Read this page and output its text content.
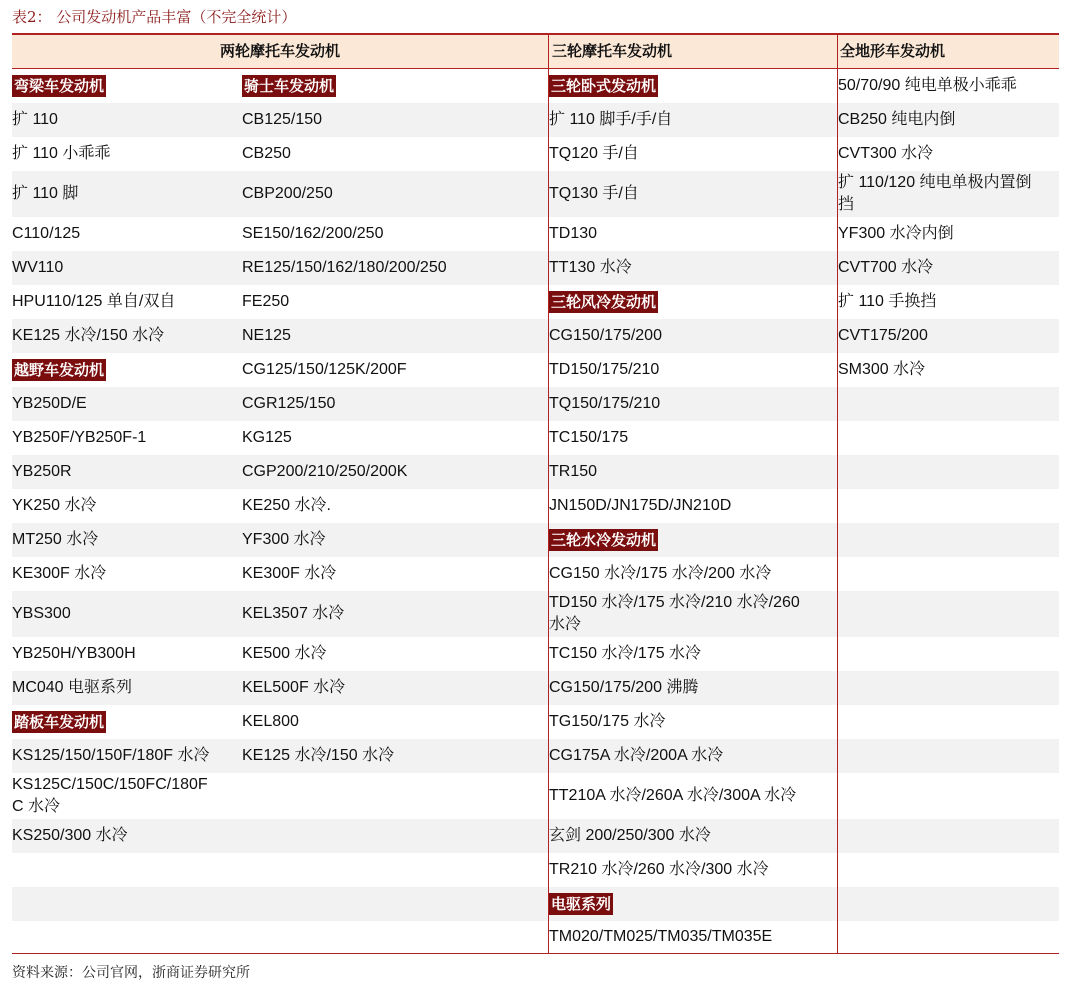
表2： 公司发动机产品丰富（不完全统计）
两轮摩托车发动机	三轮摩托车发动机	全地形车发动机
弯梁车发动机
扩 110
扩 110 小乖乖
扩 110 脚
C110/125
WV110
HPU110/125 单自/双自
KE125 水冷/150 水冷
越野车发动机
YB250D/E
YB250F/YB250F-1
YB250R
YK250 水冷
MT250 水冷
KE300F 水冷
YBS300
YB250H/YB300H
MC040 电驱系列
踏板车发动机
KS125/150/150F/180F 水冷
KS125C/150C/150FC/180F
C 水冷
KS250/300 水冷
骑士车发动机
CB125/150
CB250
CBP200/250
SE150/162/200/250
RE125/150/162/180/200/250
FE250
NE125
CG125/150/125K/200F
CGR125/150
KG125
CGP200/210/250/200K
KE250 水冷.
YF300 水冷
KE300F 水冷
KEL3507 水冷
KE500 水冷
KEL500F 水冷
KEL800
KE125 水冷/150 水冷
三轮卧式发动机
扩 110 脚手/手/自
TQ120 手/自
TQ130 手/自
TD130
TT130 水冷
三轮风冷发动机
CG150/175/200
TD150/175/210
TQ150/175/210
TC150/175
TR150
JN150D/JN175D/JN210D
三轮水冷发动机
CG150 水冷/175 水冷/200 水冷
TD150 水冷/175 水冷/210 水冷/260
水冷
TC150 水冷/175 水冷
CG150/175/200 沸腾
TG150/175 水冷
CG175A 水冷/200A 水冷
TT210A 水冷/260A 水冷/300A 水冷
玄剑 200/250/300 水冷
TR210 水冷/260 水冷/300 水冷
电驱系列
TM020/TM025/TM035/TM035E
50/70/90 纯电单极小乖乖
CB250 纯电内倒
CVT300 水冷
扩 110/120 纯电单极内置倒
挡
YF300 水冷内倒
CVT700 水冷
扩 110 手换挡
CVT175/200
SM300 水冷
资料来源：公司官网，浙商证券研究所
